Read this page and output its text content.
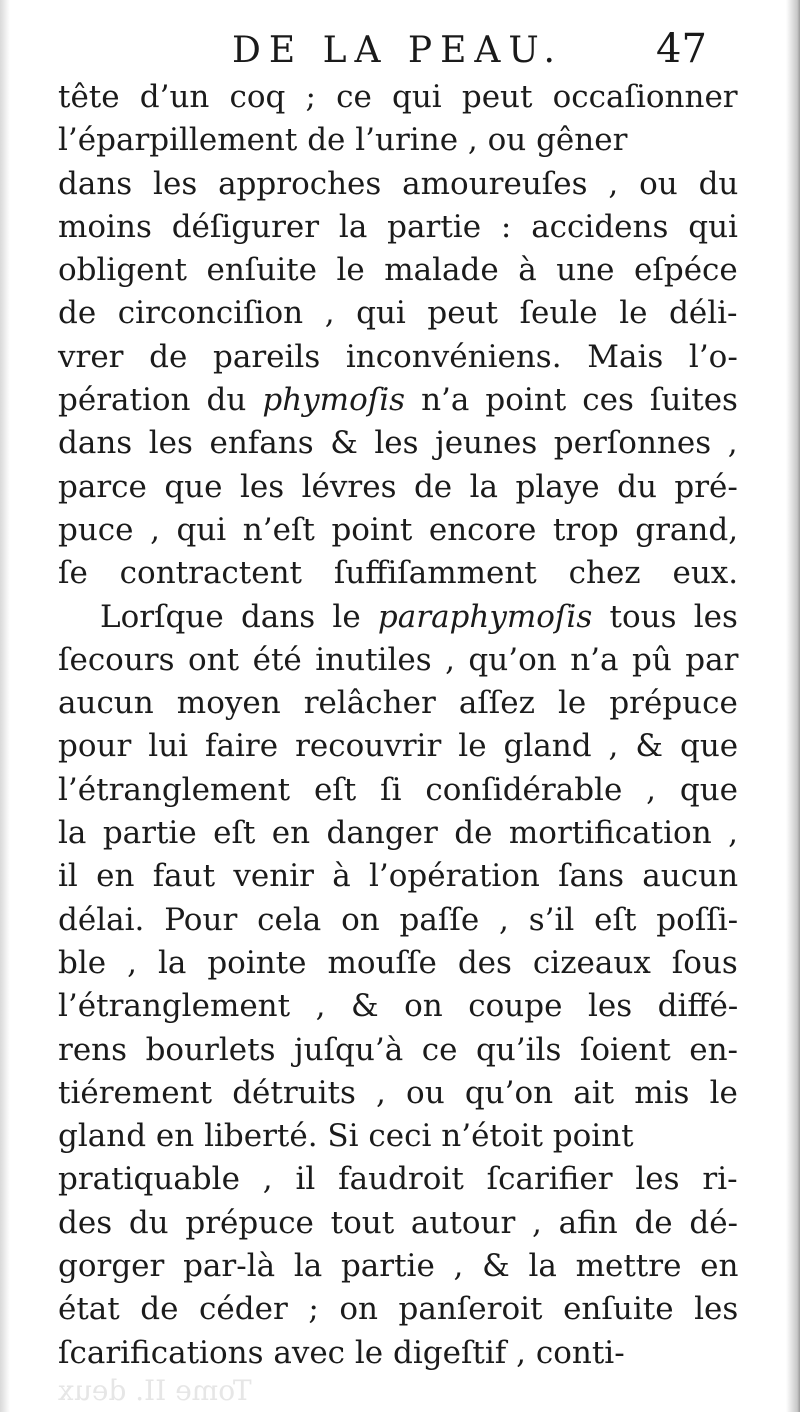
DE LA PEAU. 47
tête d’un coq ; ce qui peut occaſionner
l’éparpillement de l’urine , ou gêner
dans les approches amoureuſes , ou du
moins déſigurer la partie : accidens qui
obligent enſuite le malade à une eſpéce
de circonciſion , qui peut ſeule le déli-
vrer de pareils inconvéniens. Mais l’o-
pération du phymoſis n’a point ces ſuites
dans les enfans & les jeunes perſonnes ,
parce que les lévres de la playe du pré-
puce , qui n’eſt point encore trop grand,
ſe contractent ſuffiſamment chez eux.
Lorſque dans le paraphymoſis tous les
ſecours ont été inutiles , qu’on n’a pû par
aucun moyen relâcher aſſez le prépuce
pour lui faire recouvrir le gland , & que
l’étranglement eſt ſi conſidérable , que
la partie eſt en danger de mortification ,
il en faut venir à l’opération ſans aucun
délai. Pour cela on paſſe , s’il eſt poſſi-
ble , la pointe mouſſe des cizeaux ſous
l’étranglement , & on coupe les diffé-
rens bourlets juſqu’à ce qu’ils ſoient en-
tiérement détruits , ou qu’on ait mis le
gland en liberté. Si ceci n’étoit point
pratiquable , il faudroit ſcarifier les ri-
des du prépuce tout autour , afin de dé-
gorger par-là la partie , & la mettre en
état de céder ; on panſeroit enſuite les
ſcarifications avec le digeſtif , conti-
Tome II. deux
